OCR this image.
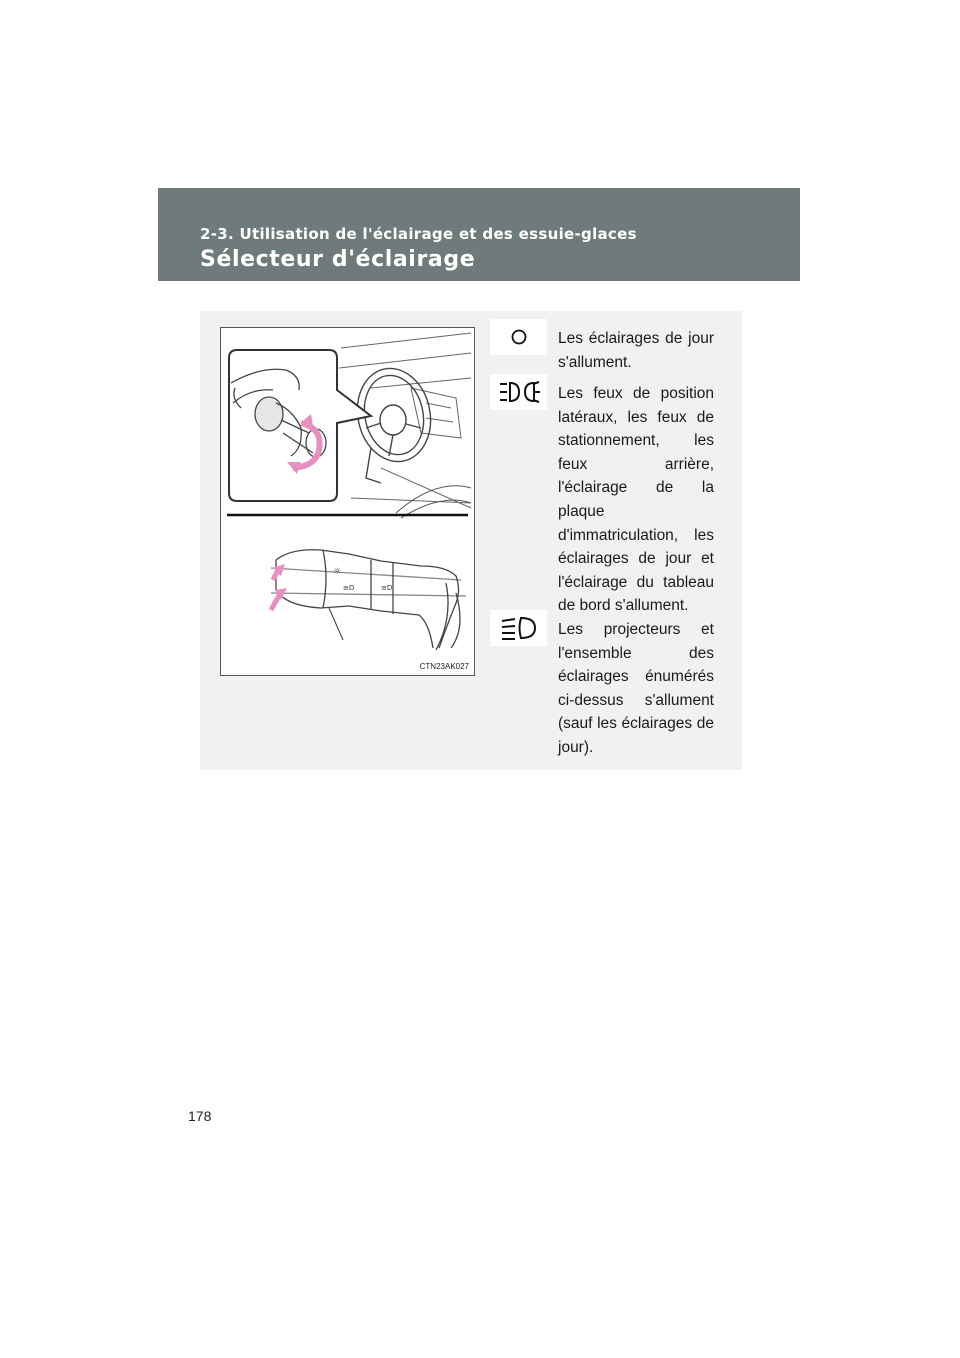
2-3. Utilisation de l'éclairage et des essuie-glaces
Sélecteur d'éclairage
☼
≡D	≡D
CTN23AK027
Les éclairages de jour s'allument.
Les feux de position latéraux, les feux de stationnement, les feux arrière, l'éclairage de la plaque d'immatriculation, les éclairages de jour et l'éclairage du tableau de bord s'allument.
Les projecteurs et l'ensemble des éclairages énumérés ci-dessus s'allument (sauf les éclairages de jour).
178
